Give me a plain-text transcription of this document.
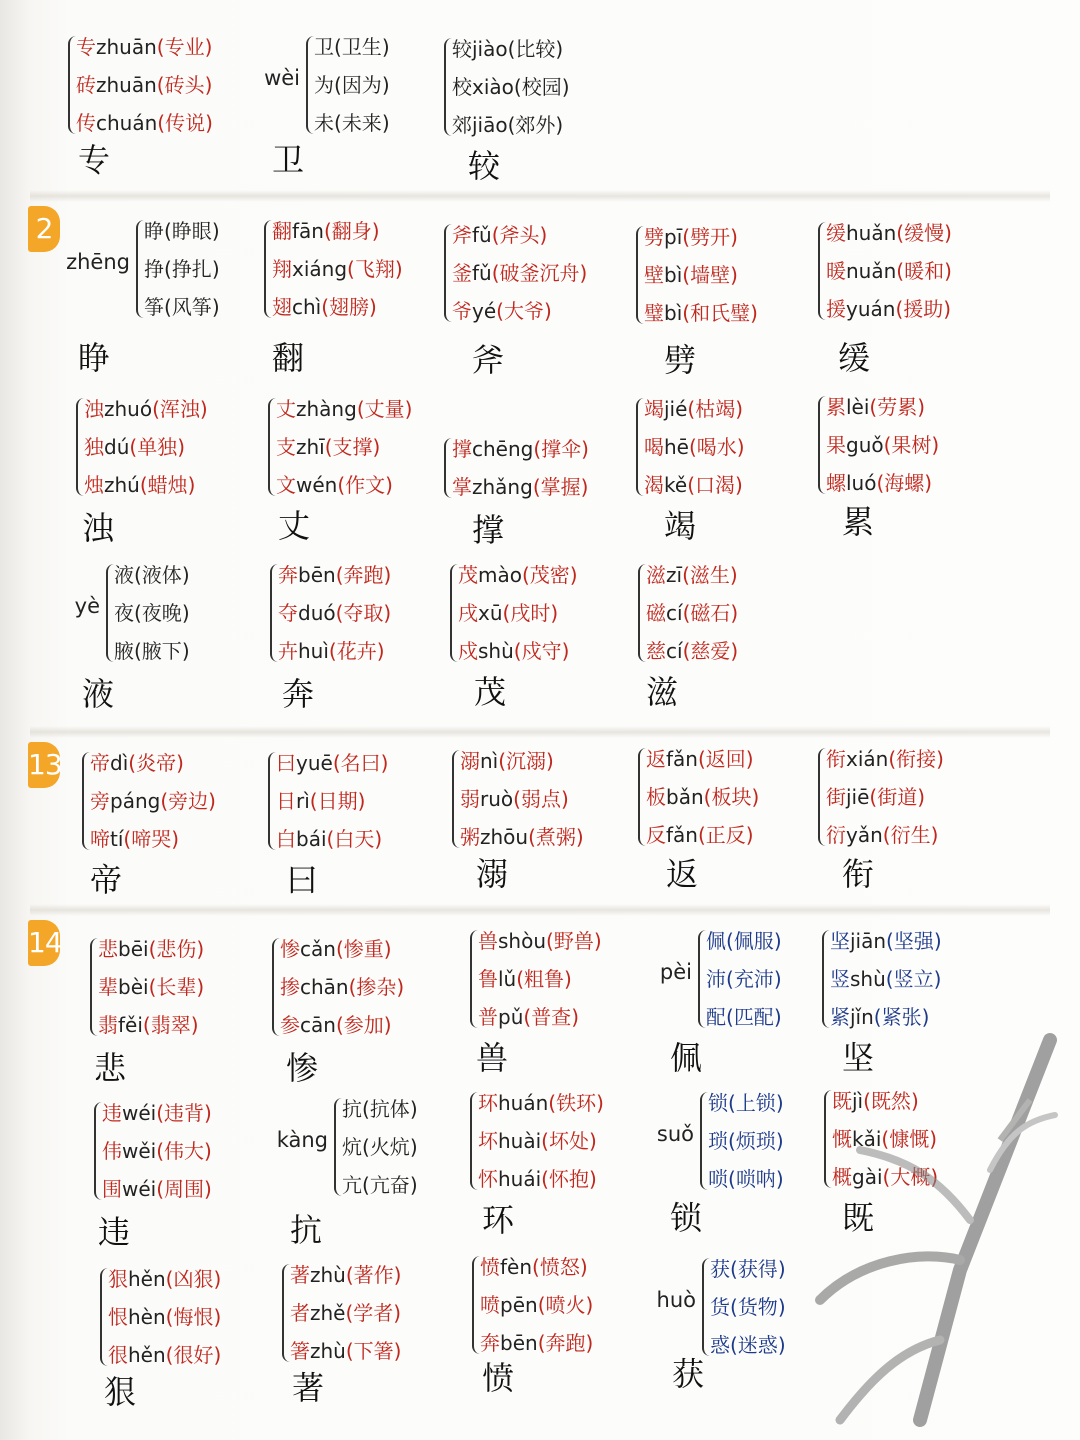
2
13
14
专zhuān(专业)
砖zhuān(砖头)
传chuán(传说)
专
wèi
卫(卫生)
为(因为)
未(未来)
卫
较jiào(比较)
校xiào(校园)
郊jiāo(郊外)
较
zhēng
睁(睁眼)
挣(挣扎)
筝(风筝)
睁
翻fān(翻身)
翔xiáng(飞翔)
翅chì(翅膀)
翻
斧fǔ(斧头)
釜fǔ(破釜沉舟)
爷yé(大爷)
斧
劈pī(劈开)
壁bì(墙壁)
璧bì(和氏璧)
劈
缓huǎn(缓慢)
暖nuǎn(暖和)
援yuán(援助)
缓
浊zhuó(浑浊)
独dú(单独)
烛zhú(蜡烛)
浊
丈zhàng(丈量)
支zhī(支撑)
文wén(作文)
丈
撑chēng(撑伞)
掌zhǎng(掌握)
撑
竭jié(枯竭)
喝hē(喝水)
渴kě(口渴)
竭
累lèi(劳累)
果guǒ(果树)
螺luó(海螺)
累
yè
液(液体)
夜(夜晚)
腋(腋下)
液
奔bēn(奔跑)
夺duó(夺取)
卉huì(花卉)
奔
茂mào(茂密)
戌xū(戌时)
戍shù(戍守)
茂
滋zī(滋生)
磁cí(磁石)
慈cí(慈爱)
滋
帝dì(炎帝)
旁páng(旁边)
啼tí(啼哭)
帝
曰yuē(名曰)
日rì(日期)
白bái(白天)
曰
溺nì(沉溺)
弱ruò(弱点)
粥zhōu(煮粥)
溺
返fǎn(返回)
板bǎn(板块)
反fǎn(正反)
返
衔xián(衔接)
街jiē(街道)
衍yǎn(衍生)
衔
悲bēi(悲伤)
辈bèi(长辈)
翡fěi(翡翠)
悲
惨cǎn(惨重)
掺chān(掺杂)
参cān(参加)
惨
兽shòu(野兽)
鲁lǔ(粗鲁)
普pǔ(普查)
兽
pèi
佩(佩服)
沛(充沛)
配(匹配)
佩
坚jiān(坚强)
竖shù(竖立)
紧jǐn(紧张)
坚
违wéi(违背)
伟wěi(伟大)
围wéi(周围)
违
kàng
抗(抗体)
炕(火炕)
亢(亢奋)
抗
环huán(铁环)
坏huài(坏处)
怀huái(怀抱)
环
suǒ
锁(上锁)
琐(烦琐)
唢(唢呐)
锁
既jì(既然)
慨kǎi(慷慨)
概gài(大概)
既
狠hěn(凶狠)
恨hèn(悔恨)
很hěn(很好)
狠
著zhù(著作)
者zhě(学者)
箸zhù(下箸)
著
愤fèn(愤怒)
喷pēn(喷火)
奔bēn(奔跑)
愤
huò
获(获得)
货(货物)
惑(迷惑)
获
